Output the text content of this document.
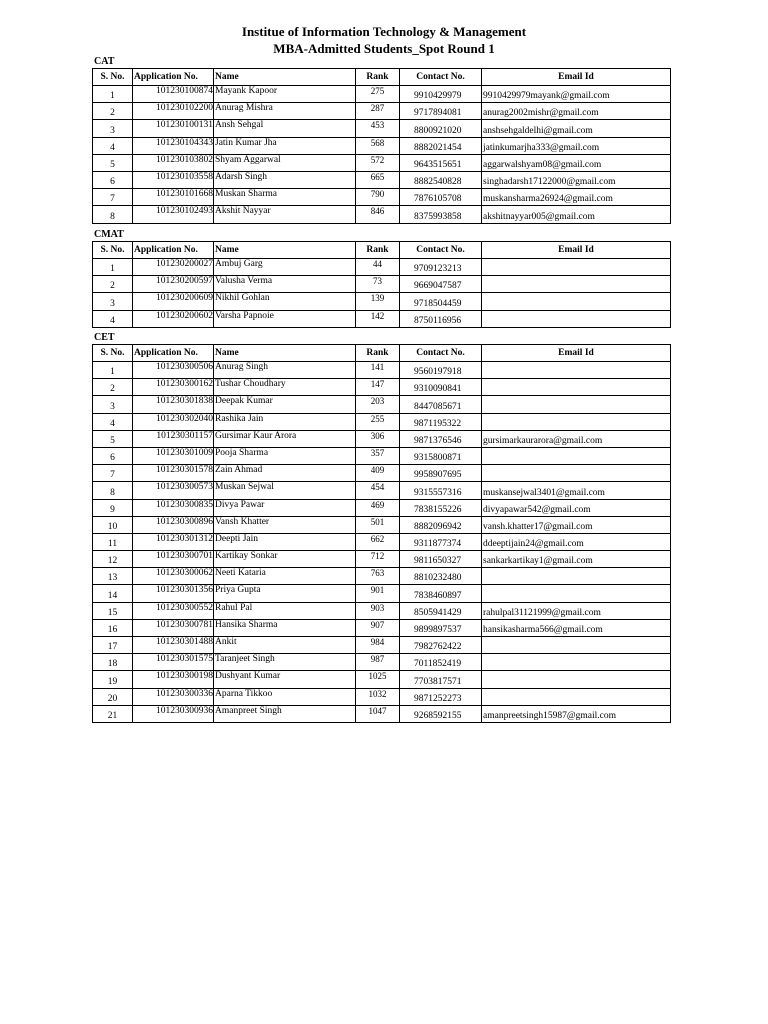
Institue of Information Technology & Management
MBA-Admitted Students_Spot Round 1
CAT
S. No.	Application No.	Name	Rank	Contact No.	Email Id
1	101230100874	Mayank Kapoor	275	9910429979	9910429979mayank@gmail.com
2	101230102200	Anurag Mishra	287	9717894081	anurag2002mishr@gmail.com
3	101230100131	Ansh Sehgal	453	8800921020	anshsehgaldelhi@gmail.com
4	101230104343	Jatin Kumar Jha	568	8882021454	jatinkumarjha333@gmail.com
5	101230103802	Shyam Aggarwal	572	9643515651	aggarwalshyam08@gmail.com
6	101230103558	Adarsh Singh	665	8882540828	singhadarsh17122000@gmail.com
7	101230101668	Muskan Sharma	790	7876105708	muskansharma26924@gmail.com
8	101230102493	Akshit Nayyar	846	8375993858	akshitnayyar005@gmail.com
CMAT
S. No.	Application No.	Name	Rank	Contact No.	Email Id
1	101230200027	Ambuj Garg	44	9709123213	
2	101230200597	Valusha Verma	73	9669047587	
3	101230200609	Nikhil Gohlan	139	9718504459	
4	101230200602	Varsha Papnoie	142	8750116956	
CET
S. No.	Application No.	Name	Rank	Contact No.	Email Id
1	101230300506	Anurag Singh	141	9560197918	
2	101230300162	Tushar Choudhary	147	9310090841	
3	101230301838	Deepak Kumar	203	8447085671	
4	101230302040	Rashika Jain	255	9871195322	
5	101230301157	Gursimar Kaur Arora	306	9871376546	gursimarkaurarora@gmail.com
6	101230301009	Pooja Sharma	357	9315800871	
7	101230301578	Zain Ahmad	409	9958907695	
8	101230300573	Muskan Sejwal	454	9315557316	muskansejwal3401@gmail.com
9	101230300835	Divya Pawar	469	7838155226	divyapawar542@gmail.com
10	101230300896	Vansh Khatter	501	8882096942	vansh.khatter17@gmail.com
11	101230301312	Deepti Jain	662	9311877374	ddeeptijain24@gmail.com
12	101230300701	Kartikay Sonkar	712	9811650327	sankarkartikay1@gmail.com
13	101230300062	Neeti Kataria	763	8810232480	
14	101230301356	Priya Gupta	901	7838460897	
15	101230300552	Rahul Pal	903	8505941429	rahulpal31121999@gmail.com
16	101230300781	Hansika Sharma	907	9899897537	hansikasharma566@gmail.com
17	101230301488	Ankit	984	7982762422	
18	101230301575	Taranjeet Singh	987	7011852419	
19	101230300198	Dushyant Kumar	1025	7703817571	
20	101230300336	Aparna Tikkoo	1032	9871252273	
21	101230300936	Amanpreet Singh	1047	9268592155	amanpreetsingh15987@gmail.com
